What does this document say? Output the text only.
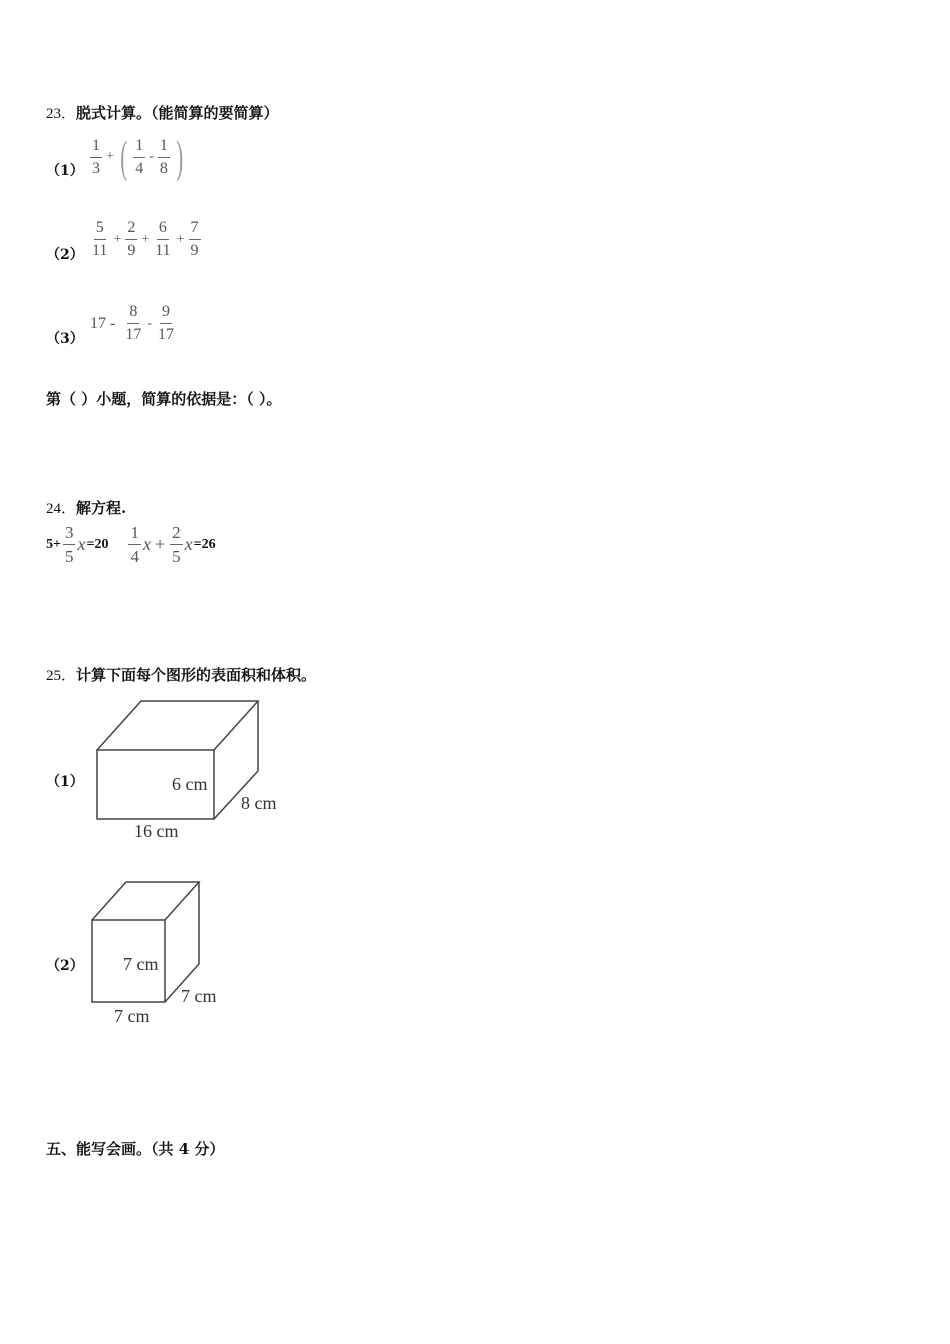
23．脱式计算。（能简算的要简算）
$(1) \frac{1}{3}$ + ( $\frac{1}{4} - \frac{1}{8}$ )
$(2) \frac{5}{11} + \frac{2}{9} + \frac{6}{11} + \frac{7}{9}$
（3）
$17 - \frac{8}{17} - \frac{9}{17}$
第（ ）小题，简算的依据是：（ ）。
24．解方程.
$5+ \frac{3}{5}$ $x =20 \frac{1}{4}$ $x + \frac{2}{5}$ x =26
25．计算下面每个图形的表面积和体积。
（1）	6 cm
8 cm
16 cm
（2） 7 cm
7 cm
7 cm
五、能写会画。（共 4 分）
